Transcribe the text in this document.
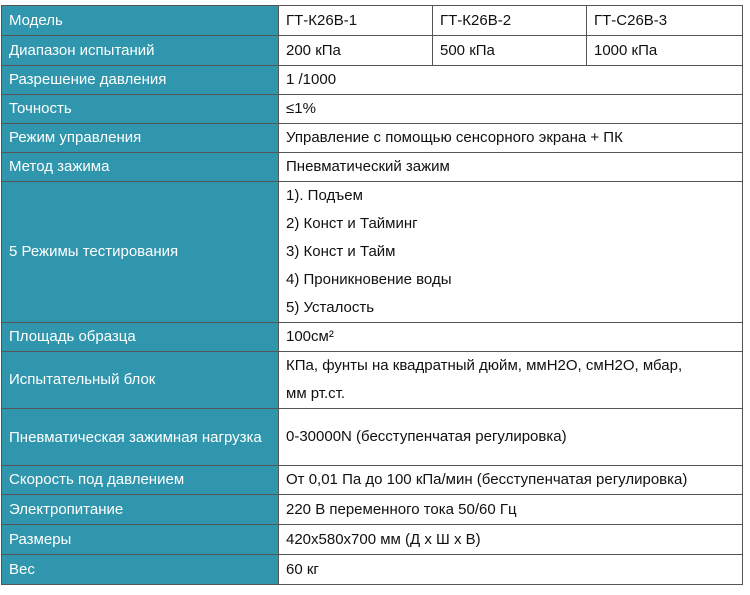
Модель	ГТ-К26В-1	ГТ-К26В-2	ГТ-С26В-3
Диапазон испытаний	200 кПа	500 кПа	1000 кПа
Разрешение давления	1 /1000		
Точность	≤1%		
Режим управления	Управление с помощью сенсорного экрана + ПК		
Метод зажима	Пневматический зажим		
5 Режимы тестирования	1). Подъем
2) Конст и Тайминг
3) Конст и Тайм
4) Проникновение воды
5) Усталость		

Площадь образца	100см²		
Испытательный блок	КПа, фунты на квадратный дюйм, ммН2О, смН2О, мбар,
мм рт.ст.		

Пневматическая зажимная нагрузка	0-30000N (бесступенчатая регулировка)		
Скорость под давлением	От 0,01 Па до 100 кПа/мин (бесступенчатая регулировка)		
Электропитание	220 В переменного тока 50/60 Гц		
Размеры	420x580x700 мм (Д х Ш х В)		
Вес	60 кг		
